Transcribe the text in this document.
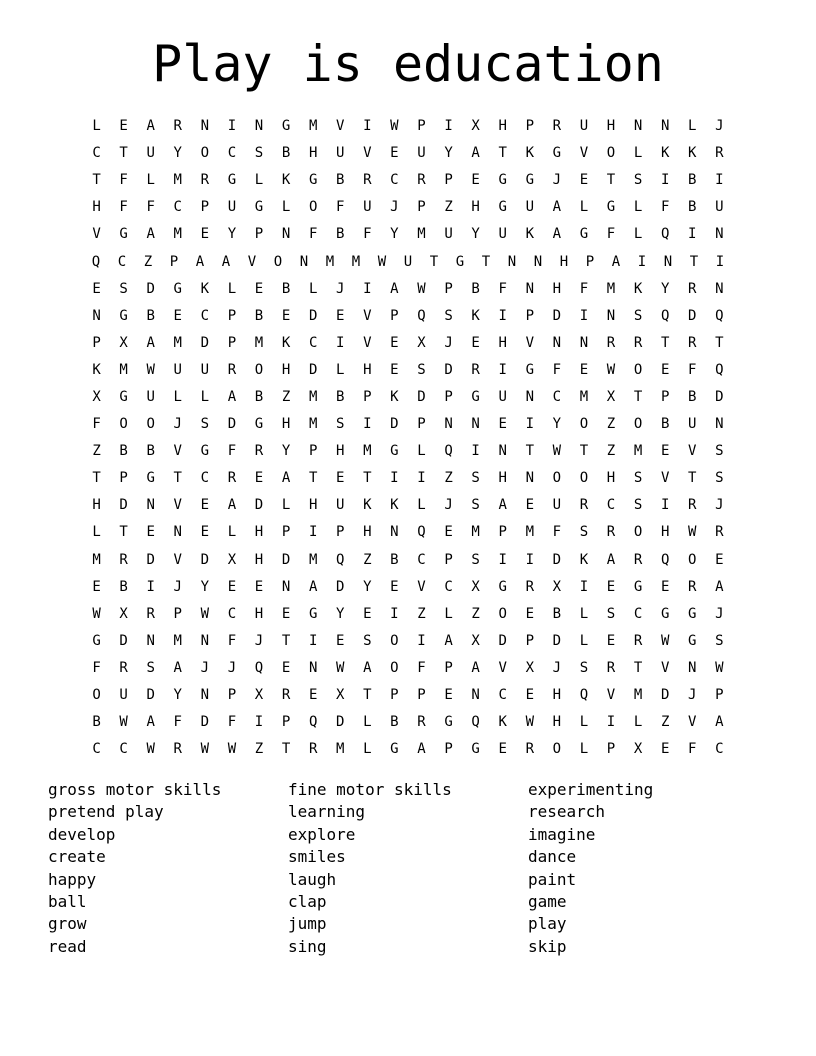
Play is education
L	E	A	R	N	I	N	G	M	V	I	W	P	I	X	H	P	R	U	H	N	N	L	J
C	T	U	Y	O	C	S	B	H	U	V	E	U	Y	A	T	K	G	V	O	L	K	K	R
T	F	L	M	R	G	L	K	G	B	R	C	R	P	E	G	G	J	E	T	S	I	B	I
H	F	F	C	P	U	G	L	O	F	U	J	P	Z	H	G	U	A	L	G	L	F	B	U
V	G	A	M	E	Y	P	N	F	B	F	Y	M	U	Y	U	K	A	G	F	L	Q	I	N
Q	C	Z	P	A	A	V	O	N	M	M	W	U	T	G	T	N	N	H	P	A	I	N	T	I
E	S	D	G	K	L	E	B	L	J	I	A	W	P	B	F	N	H	F	M	K	Y	R	N
N	G	B	E	C	P	B	E	D	E	V	P	Q	S	K	I	P	D	I	N	S	Q	D	Q
P	X	A	M	D	P	M	K	C	I	V	E	X	J	E	H	V	N	N	R	R	T	R	T
K	M	W	U	U	R	O	H	D	L	H	E	S	D	R	I	G	F	E	W	O	E	F	Q
X	G	U	L	L	A	B	Z	M	B	P	K	D	P	G	U	N	C	M	X	T	P	B	D
F	O	O	J	S	D	G	H	M	S	I	D	P	N	N	E	I	Y	O	Z	O	B	U	N
Z	B	B	V	G	F	R	Y	P	H	M	G	L	Q	I	N	T	W	T	Z	M	E	V	S
T	P	G	T	C	R	E	A	T	E	T	I	I	Z	S	H	N	O	O	H	S	V	T	S
H	D	N	V	E	A	D	L	H	U	K	K	L	J	S	A	E	U	R	C	S	I	R	J
L	T	E	N	E	L	H	P	I	P	H	N	Q	E	M	P	M	F	S	R	O	H	W	R
M	R	D	V	D	X	H	D	M	Q	Z	B	C	P	S	I	I	D	K	A	R	Q	O	E
E	B	I	J	Y	E	E	N	A	D	Y	E	V	C	X	G	R	X	I	E	G	E	R	A
W	X	R	P	W	C	H	E	G	Y	E	I	Z	L	Z	O	E	B	L	S	C	G	G	J
G	D	N	M	N	F	J	T	I	E	S	O	I	A	X	D	P	D	L	E	R	W	G	S
F	R	S	A	J	J	Q	E	N	W	A	O	F	P	A	V	X	J	S	R	T	V	N	W
O	U	D	Y	N	P	X	R	E	X	T	P	P	E	N	C	E	H	Q	V	M	D	J	P
B	W	A	F	D	F	I	P	Q	D	L	B	R	G	Q	K	W	H	L	I	L	Z	V	A
C	C	W	R	W	W	Z	T	R	M	L	G	A	P	G	E	R	O	L	P	X	E	F	C
gross motor skills
pretend play
develop
create
happy
ball
grow
read
fine motor skills
learning
explore
smiles
laugh
clap
jump
sing
experimenting
research
imagine
dance
paint
game
play
skip
